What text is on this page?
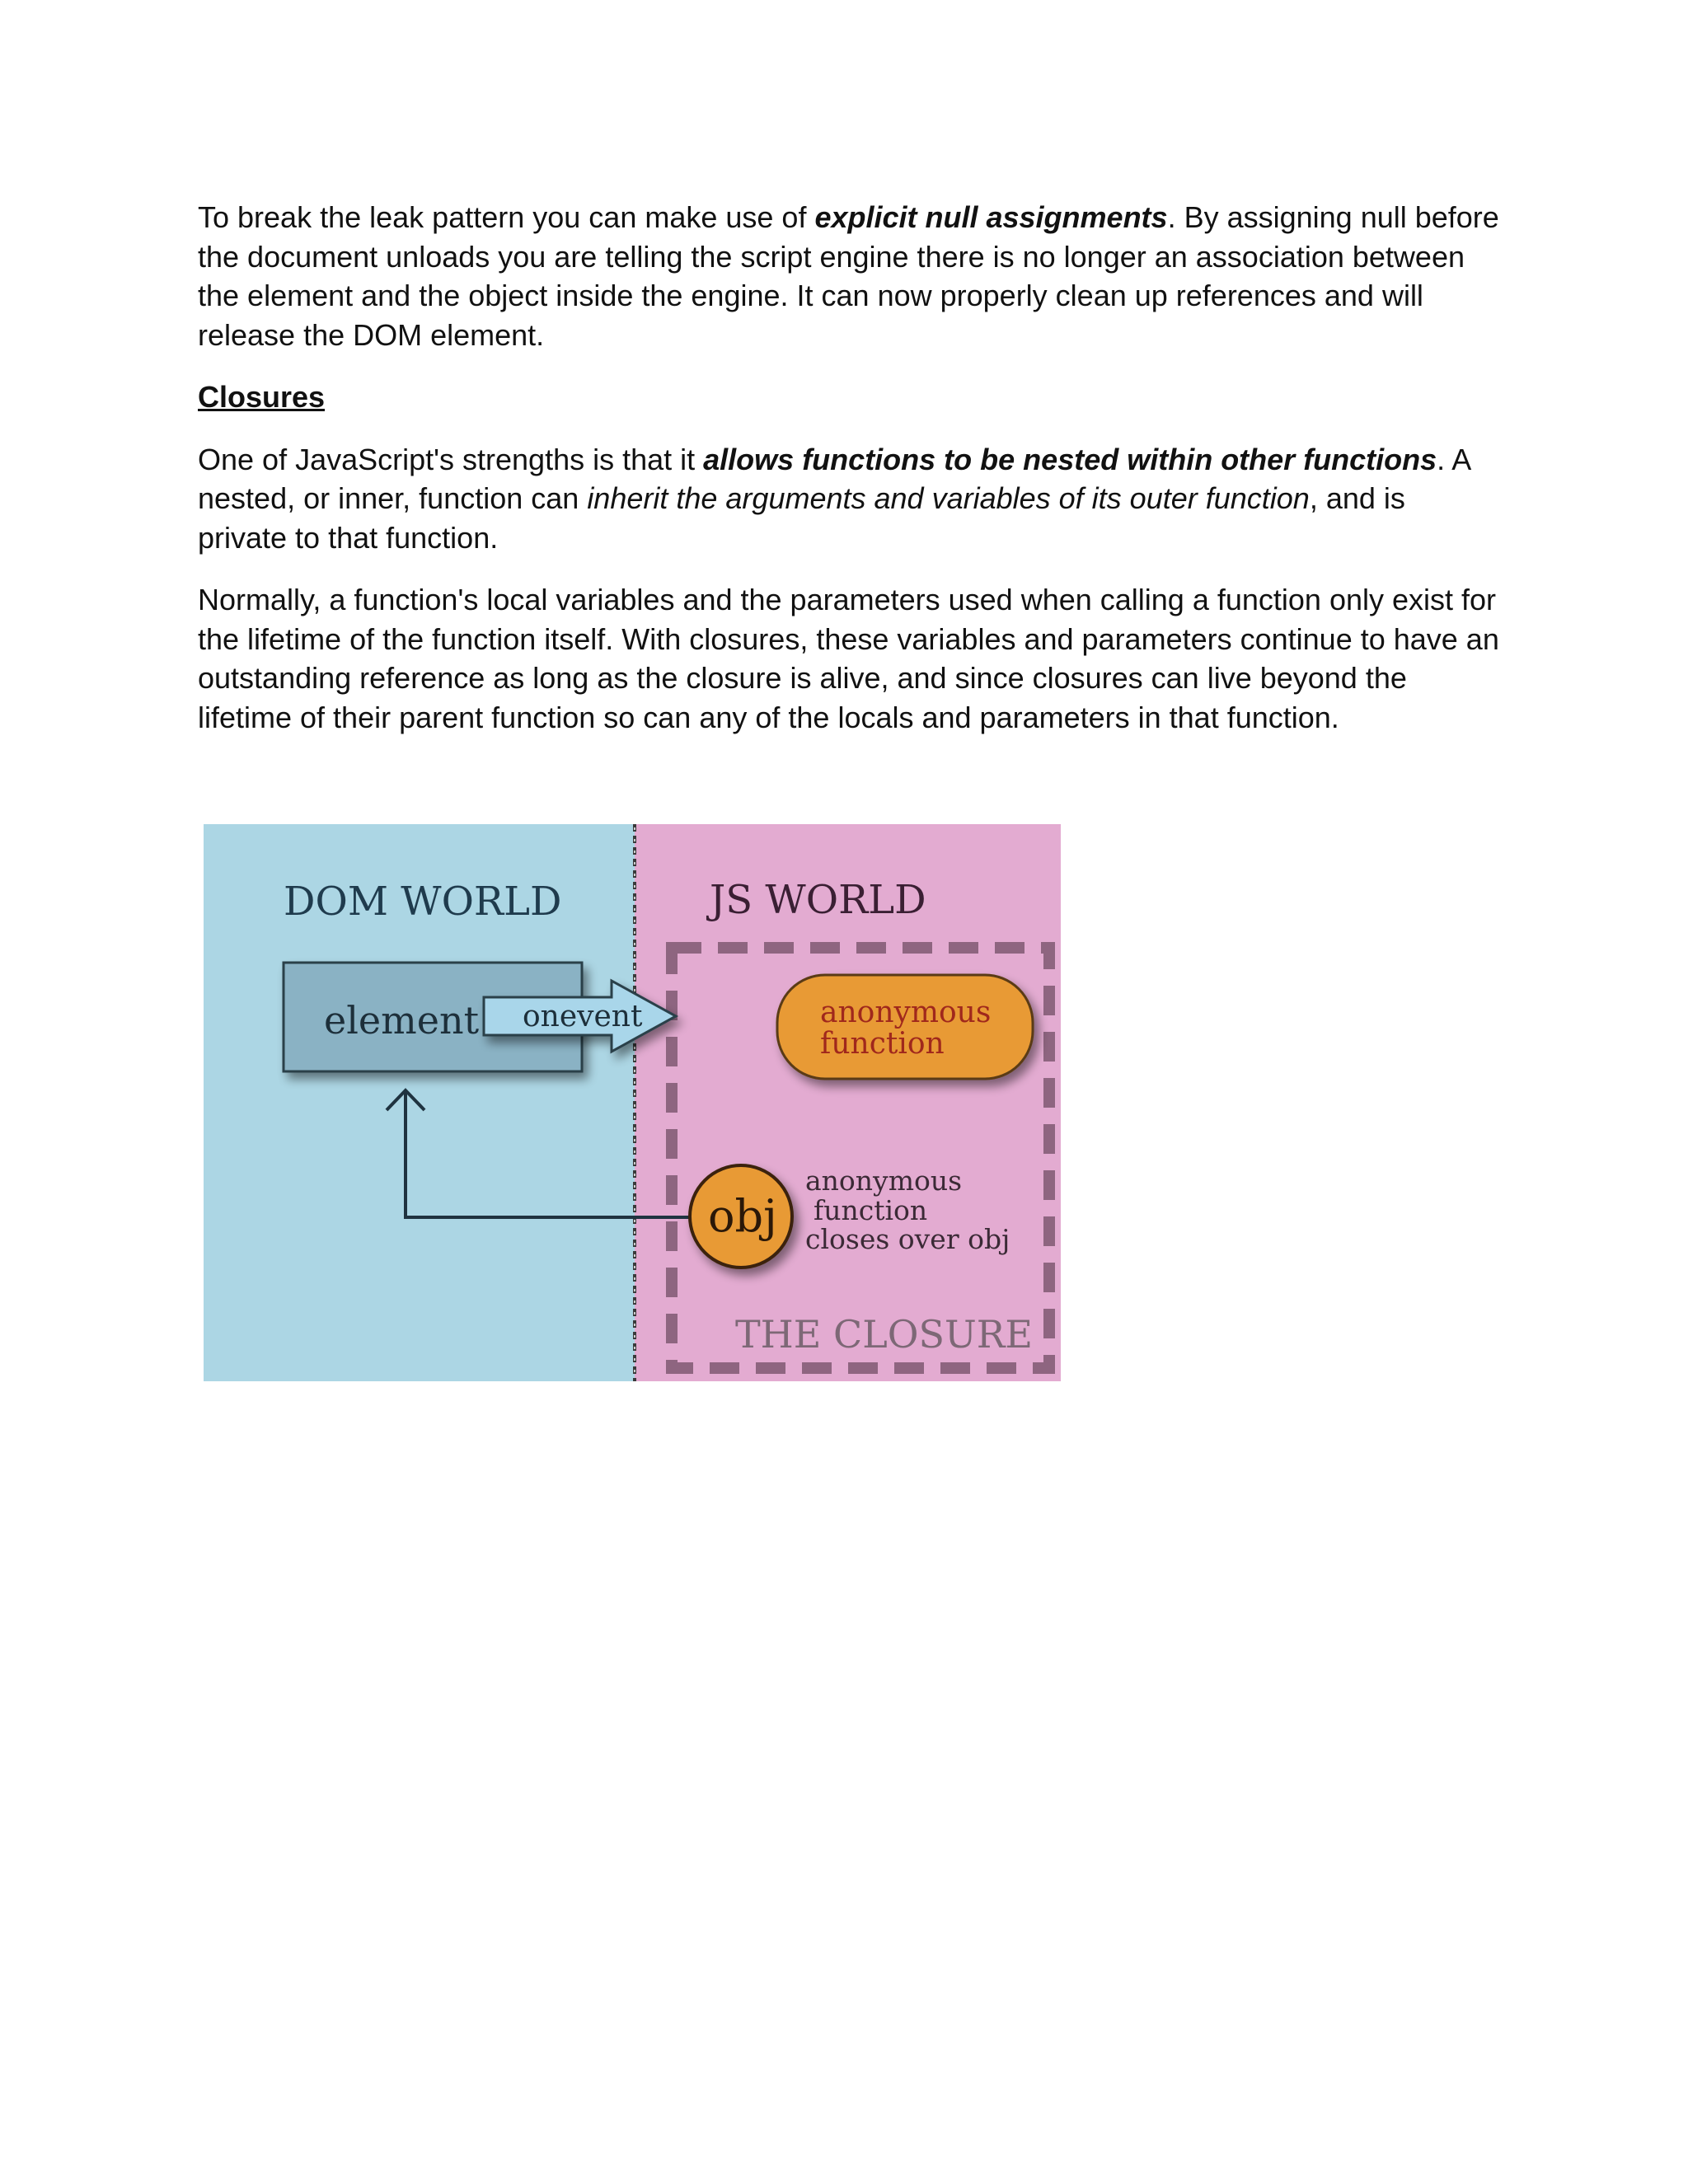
To break the leak pattern you can make use of explicit null assignments. By assigning null before the document unloads you are telling the script engine there is no longer an association between the element and the object inside the engine. It can now properly clean up references and will release the DOM element.

Closures

One of JavaScript's strengths is that it allows functions to be nested within other functions. A nested, or inner, function can inherit the arguments and variables of its outer function, and is private to that function.

Normally, a function's local variables and the parameters used when calling a function only exist for the lifetime of the function itself. With closures, these variables and parameters continue to have an outstanding reference as long as the closure is alive, and since closures can live beyond the lifetime of their parent function so can any of the locals and parameters in that function.

DOM WORLD	JS WORLD
element onevent	anonymous
function
obj
anonymous
function
closes over obj
THE CLOSURE
